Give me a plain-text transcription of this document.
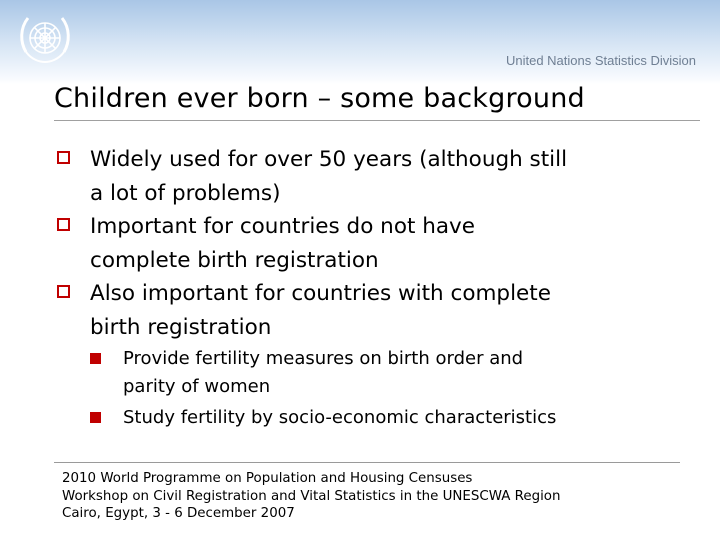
United Nations Statistics Division
Children ever born – some background
Widely used for over 50 years (although still
a lot of problems)
Important for countries do not have
complete birth registration
Also important for countries with complete
birth registration
Provide fertility measures on birth order and
parity of women
Study fertility by socio-economic characteristics
2010 World Programme on Population and Housing Censuses
Workshop on Civil Registration and Vital Statistics in the UNESCWA Region
Cairo, Egypt, 3 - 6 December 2007
